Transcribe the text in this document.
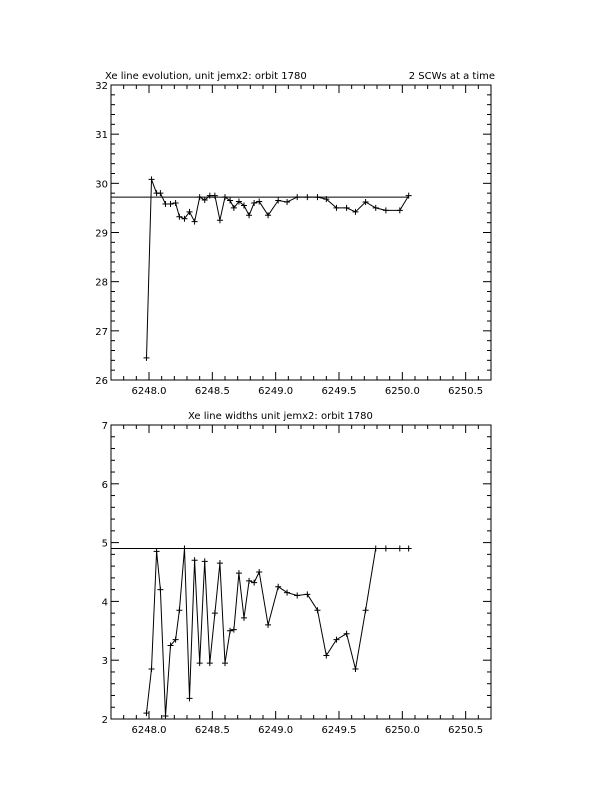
Xe line evolution, unit jemx2: orbit 1780	2 SCWs at a time
6248.0	6248.5	6249.0	6249.5	6250.0	6250.5
26
27
28
29
30
31
32
Xe line widths unit jemx2: orbit 1780
6248.0	6248.5	6249.0	6249.5	6250.0	6250.5
2
3
4
5
6
7
